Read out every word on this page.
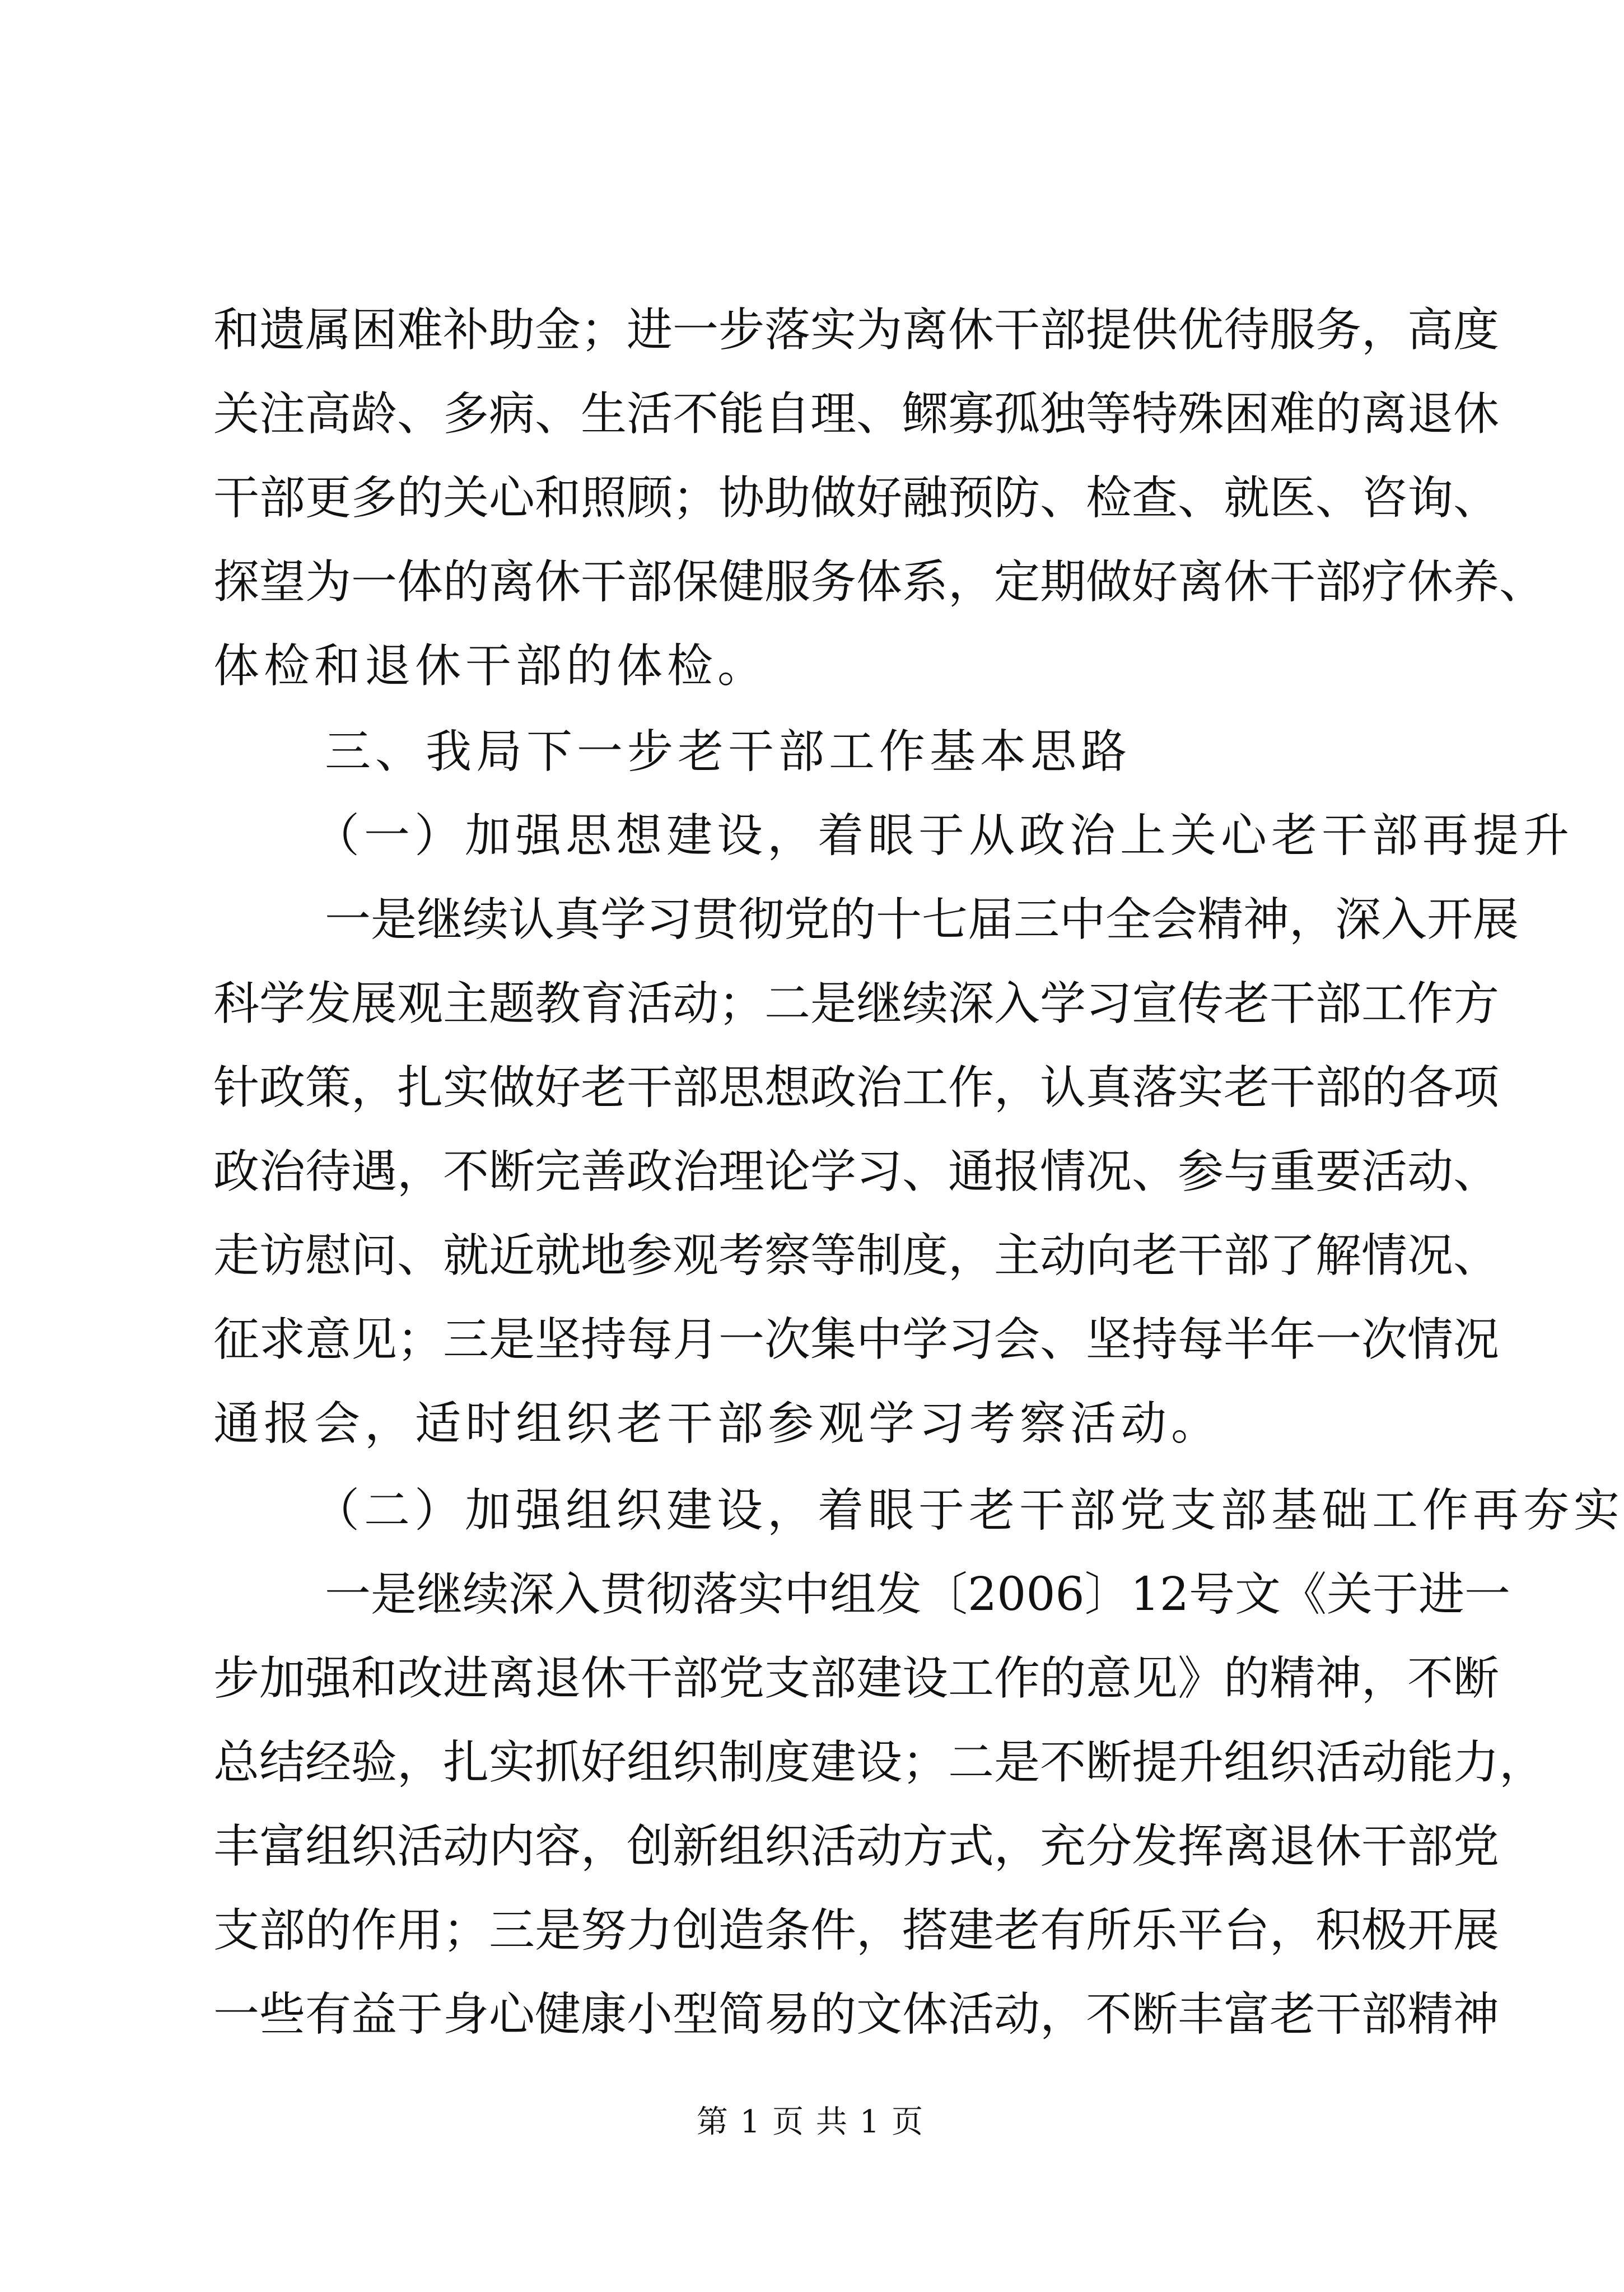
和遗属困难补助金；进一步落实为离休干部提供优待服务，高度
关注高龄、多病、生活不能自理、鳏寡孤独等特殊困难的离退休
干部更多的关心和照顾；协助做好融预防、检查、就医、咨询、
探望为一体的离休干部保健服务体系，定期做好离休干部疗休养、
体检和退休干部的体检。
三、我局下一步老干部工作基本思路
（一）加强思想建设，着眼于从政治上关心老干部再提升
一是继续认真学习贯彻党的十七届三中全会精神，深入开展
科学发展观主题教育活动；二是继续深入学习宣传老干部工作方
针政策，扎实做好老干部思想政治工作，认真落实老干部的各项
政治待遇，不断完善政治理论学习、通报情况、参与重要活动、
走访慰问、就近就地参观考察等制度，主动向老干部了解情况、
征求意见；三是坚持每月一次集中学习会、坚持每半年一次情况
通报会，适时组织老干部参观学习考察活动。
（二）加强组织建设，着眼于老干部党支部基础工作再夯实
一是继续深入贯彻落实中组发〔2006〕12号文《关于进一
步加强和改进离退休干部党支部建设工作的意见》的精神，不断
总结经验，扎实抓好组织制度建设；二是不断提升组织活动能力，
丰富组织活动内容，创新组织活动方式，充分发挥离退休干部党
支部的作用；三是努力创造条件，搭建老有所乐平台，积极开展
一些有益于身心健康小型简易的文体活动，不断丰富老干部精神
第 1 页 共 1 页
